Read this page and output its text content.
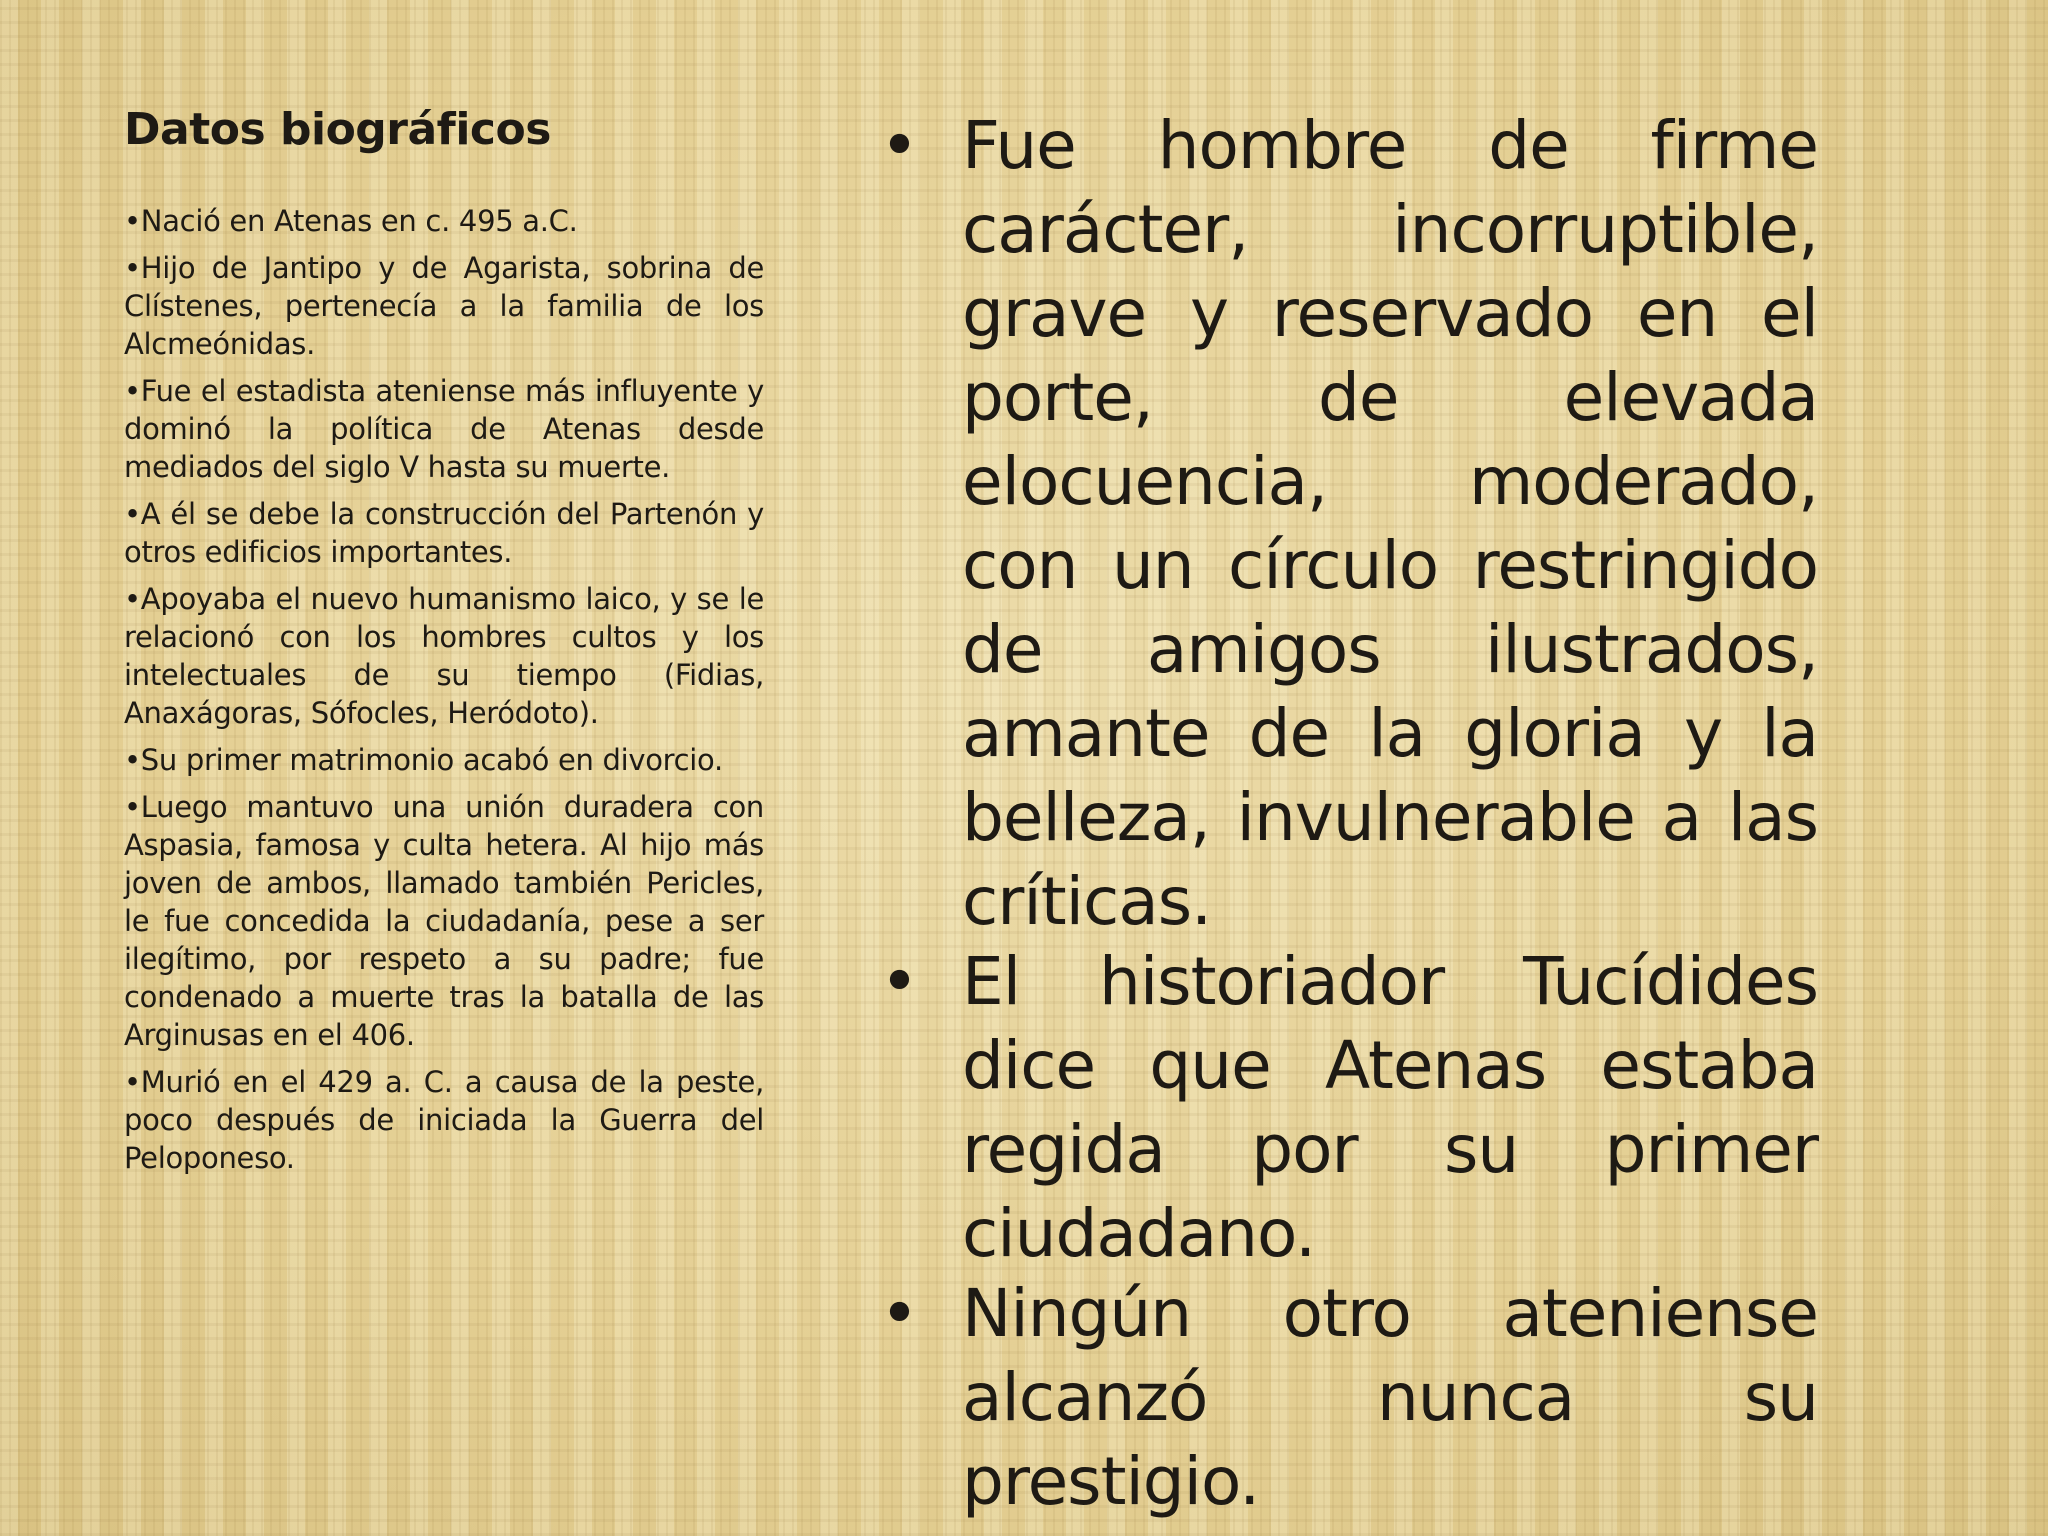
Datos biográficos
•Nació en Atenas en c. 495 a.C.
•Hijo de Jantipo y de Agarista, sobrina de Clístenes, pertenecía a la familia de los Alcmeónidas.
•Fue el estadista ateniense más influyente y dominó la política de Atenas desde mediados del siglo V hasta su muerte.
•A él se debe la construcción del Partenón y otros edificios importantes.
•Apoyaba el nuevo humanismo laico, y se le relacionó con los hombres cultos y los intelectuales de su tiempo (Fidias, Anaxágoras, Sófocles, Heródoto).
•Su primer matrimonio acabó en divorcio.
•Luego mantuvo una unión duradera con Aspasia, famosa y culta hetera. Al hijo más joven de ambos, llamado también Pericles, le fue concedida la ciudadanía, pese a ser ilegítimo, por respeto a su padre; fue condenado a muerte tras la batalla de las Arginusas en el 406.
•Murió en el 429 a. C. a causa de la peste, poco después de iniciada la Guerra del Peloponeso.
• Fue hombre de firme carácter, incorruptible, grave y reservado en el porte, de elevada elocuencia, moderado, con un círculo restringido de amigos ilustrados, amante de la gloria y la belleza, invulnerable a las críticas.
• El historiador Tucídides dice que Atenas estaba regida por su primer ciudadano.
• Ningún otro ateniense alcanzó nunca su prestigio.
